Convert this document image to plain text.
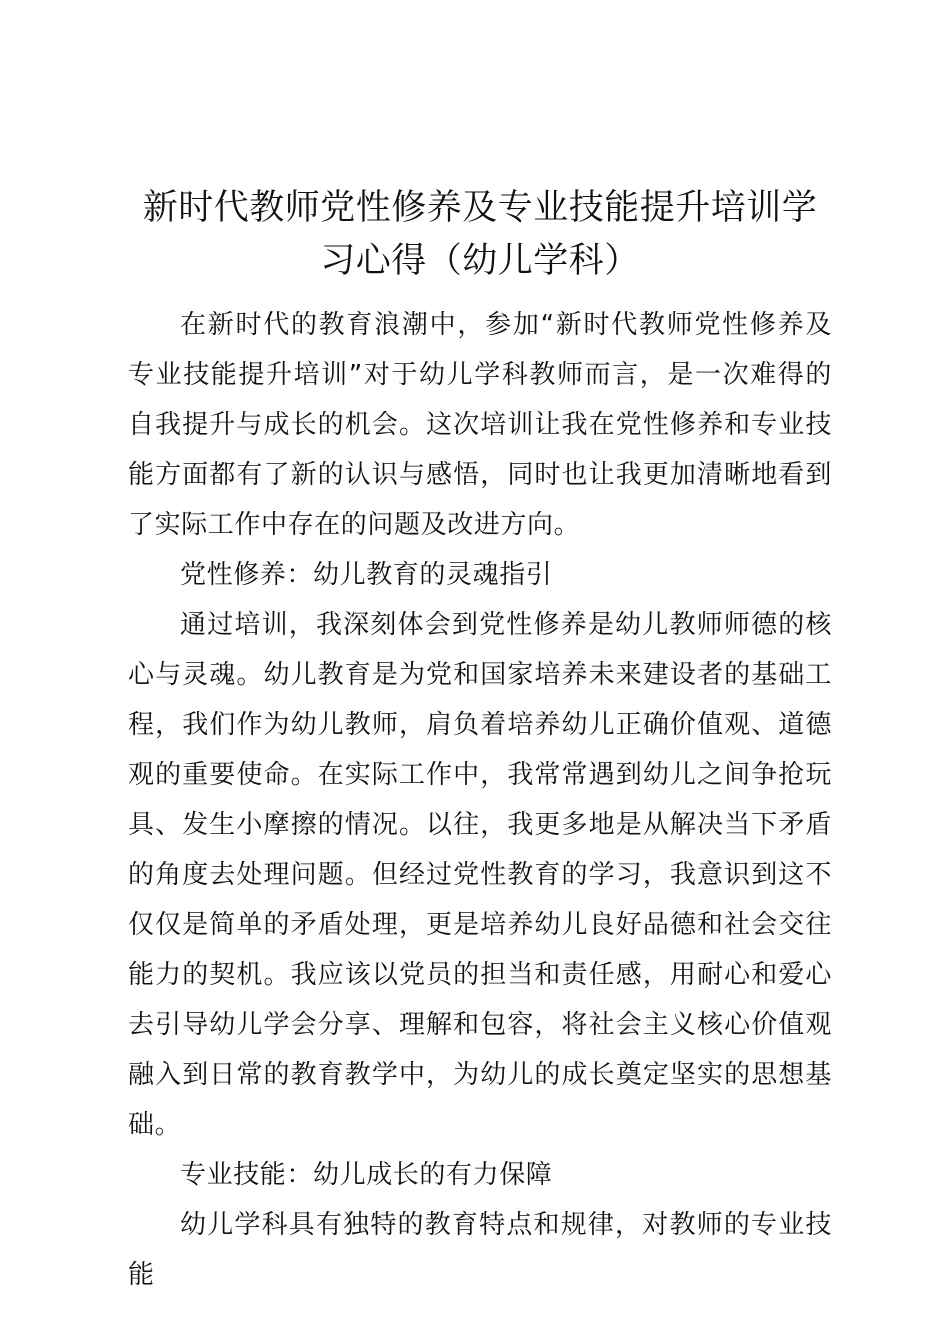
新时代教师党性修养及专业技能提升培训学习心得（幼儿学科）

在新时代的教育浪潮中，参加“新时代教师党性修养及专业技能提升培训”对于幼儿学科教师而言，是一次难得的自我提升与成长的机会。这次培训让我在党性修养和专业技能方面都有了新的认识与感悟，同时也让我更加清晰地看到了实际工作中存在的问题及改进方向。

党性修养：幼儿教育的灵魂指引

通过培训，我深刻体会到党性修养是幼儿教师师德的核心与灵魂。幼儿教育是为党和国家培养未来建设者的基础工程，我们作为幼儿教师，肩负着培养幼儿正确价值观、道德观的重要使命。在实际工作中，我常常遇到幼儿之间争抢玩具、发生小摩擦的情况。以往，我更多地是从解决当下矛盾的角度去处理问题。但经过党性教育的学习，我意识到这不仅仅是简单的矛盾处理，更是培养幼儿良好品德和社会交往能力的契机。我应该以党员的担当和责任感，用耐心和爱心去引导幼儿学会分享、理解和包容，将社会主义核心价值观融入到日常的教育教学中，为幼儿的成长奠定坚实的思想基础。

专业技能：幼儿成长的有力保障

幼儿学科具有独特的教育特点和规律，对教师的专业技能
